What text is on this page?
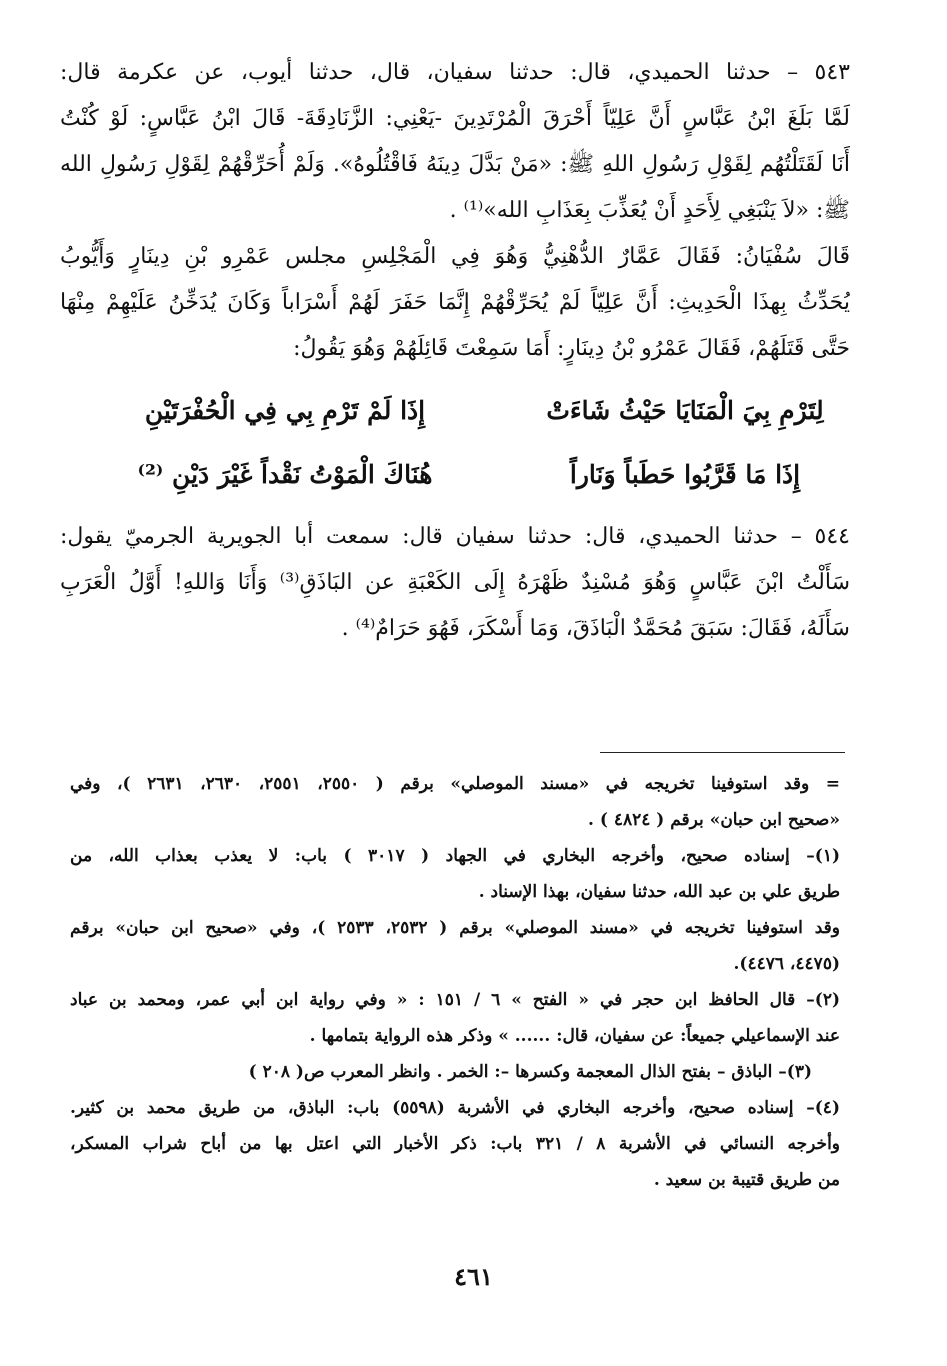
٥٤٣ – حدثنا الحميدي، قال: حدثنا سفيان، قال، حدثنا أيوب، عن عكرمة قال:
لَمَّا بَلَغَ ابْنُ عَبَّاسٍ أَنَّ عَلِيّاً أَحْرَقَ الْمُرْتَدِينَ -يَعْنِي: الزَّنَادِقَةَ- قَالَ ابْنُ عَبَّاسٍ: لَوْ كُنْتُ
أَنَا لَقَتَلْتُهُم لِقَوْلِ رَسُولِ اللهِ ﷺ: «مَنْ بَدَّلَ دِينَهُ فَاقْتُلُوهُ». وَلَمْ أُحَرِّقْهُمْ لِقَوْلِ رَسُولِ الله
ﷺ: «لاَ يَنْبَغِي لِأَحَدٍ أَنْ يُعَذِّبَ بِعَذَابِ الله»⁽¹⁾ .
قَالَ سُفْيَانُ: فَقَالَ عَمَّارٌ الدُّهْنِيُّ وَهُوَ فِي الْمَجْلِسِ مجلس عَمْرِو بْنِ دِينَارٍ وَأَيُّوبُ
يُحَدِّثُ بِهذَا الْحَدِيثِ: أَنَّ عَلِيّاً لَمْ يُحَرِّقْهُمْ إِنَّمَا حَفَرَ لَهُمْ أَسْرَاباً وَكَانَ يُدَخِّنُ عَلَيْهِمْ مِنْهَا
حَتَّى قَتَلَهُمْ، فَقَالَ عَمْرُو بْنُ دِينَارٍ: أَمَا سَمِعْتَ قَائِلَهُمْ وَهُوَ يَقُولُ:
لِتَرْمِ بِيَ الْمَنَايَا حَيْثُ شَاءَتْ
إِذَا لَمْ تَرْمِ بِي فِي الْحُفْرَتَيْنِ
إِذَا مَا قَرَّبُوا حَطَباً وَنَاراً
هُنَاكَ الْمَوْتُ نَقْداً غَيْرَ دَيْنِ ⁽²⁾
٥٤٤ – حدثنا الحميدي، قال: حدثنا سفيان قال: سمعت أبا الجويرية الجرميّ يقول:
سَأَلْتُ ابْنَ عَبَّاسٍ وَهُوَ مُسْنِدٌ ظَهْرَهُ إِلَى الكَعْبَةِ عن البَاذَقِ⁽³⁾ وَأَنَا وَاللهِ! أَوَّلُ الْعَرَبِ
سَأَلَهُ، فَقَالَ: سَبَقَ مُحَمَّدٌ الْبَاذَقَ، وَمَا أَسْكَرَ، فَهُوَ حَرَامٌ⁽⁴⁾ .
= وقد استوفينا تخريجه في «مسند الموصلي» برقم ( ٢٥٥٠، ٢٥٥١، ٢٦٣٠، ٢٦٣١ )، وفي
«صحيح ابن حبان» برقم ( ٤٨٢٤ ) .
(١)– إسناده صحيح، وأخرجه البخاري في الجهاد ( ٣٠١٧ ) باب: لا يعذب بعذاب الله، من
طريق علي بن عبد الله، حدثنا سفيان، بهذا الإسناد .
وقد استوفينا تخريجه في «مسند الموصلي» برقم ( ٢٥٣٢، ٢٥٣٣ )، وفي «صحيح ابن حبان» برقم
(٤٤٧٥، ٤٤٧٦).
(٢)– قال الحافظ ابن حجر في « الفتح » ٦ / ١٥١ : « وفي رواية ابن أبي عمر، ومحمد بن عباد
عند الإسماعيلي جميعاً: عن سفيان، قال: ...... » وذكر هذه الرواية بتمامها .
(٣)– الباذق – بفتح الذال المعجمة وكسرها –: الخمر . وانظر المعرب ص( ٢٠٨ )
(٤)– إسناده صحيح، وأخرجه البخاري في الأشربة (٥٥٩٨) باب: الباذق، من طريق محمد بن كثير.
وأخرجه النسائي في الأشربة ٨ / ٣٢١ باب: ذكر الأخبار التي اعتل بها من أباح شراب المسكر،
من طريق قتيبة بن سعيد .
٤٦١
